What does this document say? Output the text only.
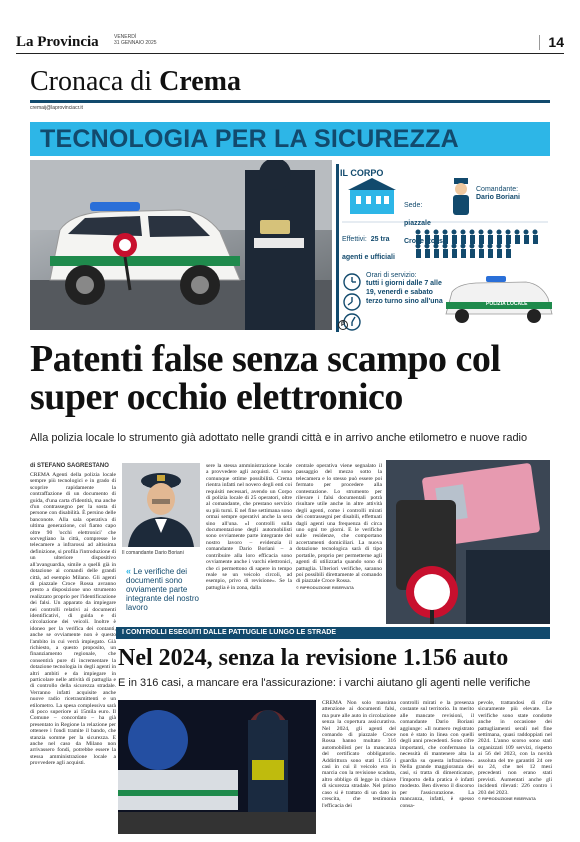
La Provincia	VENERDÌ
31 GENNAIO 2025	14
Cronaca di Crema
cremaij@laprovinciacr.it
TECNOLOGIA PER LA SICUREZZA
IL CORPO
Sede: piazzale Croce Rossa
Comandante:
Dario Boriani
Effettivi: 25 tra agenti e ufficiali
Orari di servizio:
tutti i giorni dalle 7 alle 19, venerdì e sabato terzo turno sino all'una	POLIZIA LOCALE
P
Patenti false senza scampo col super occhio elettronico
Alla polizia locale lo strumento già adottato nelle grandi città e in arrivo anche etilometro e nuove radio
di STEFANO SAGRESTANO
CREMA Agenti della polizia locale sempre più tecnologici e in grado di scoprire rapidamente la contraffazione di un documento di guida, d'una carta d'identità, ma anche d'un contrassegno per la sosta di persone con disabilità. È persino delle banconote. Alla sala operativa di ultima generazione, col fiamo capo oltre 90 'occhi elettronici' che sorvegliano la città, compresse le telecamere a infrarossi ad altissima definizione, si profila l'introduzione di un ulteriore dispositivo all'avanguardia, simile a quelli già in dotazione ai comandi delle grandi città, ad esempio Milano. Gli agenti di piazzale Croce Rossa avranno presto a disposizione uno strumento realizzato proprio per l'identificazione dei falsi. Un apparato da impiegare nei controlli relativi ai documenti identificativi, di guida e di circolazione dei veicoli. Inoltre è idoneo per la verifica dei contanti, anche se ovviamente non è questo l'ambito in cui verrà impiegato. Già richiesto, a questo proposito, un finanziamento regionale, che consentirà pure di incrementare la dotazione tecnologia in degli agenti in altri ambiti e da impiegare in particolare nelle attività di pattuglia e di controllo della sicurezza stradale. Verranno infatti acquisite anche nuove radio ricetrasmittenti e un etilometro. La spesa complessiva sarà di poco superiore ai 15mila euro. Il Comune – concordato – ha già presentato in Regione la relazione per ottenere i fondi tramite il bando, che stanzia somme per la sicurezza. E anche nel caso da Milano non arrivassero fondi, potrebbe essere la stessa amministrazione locale a provvedere agli acquisti.
Il comandante Dario Boriani
« Le verifiche dei documenti sono ovviamente parte integrante del nostro lavoro
sere la stessa amministrazione locale a provvedere agli acquisti. Ci sono comunque ottime possibilità. Crema rientra infatti nel novero degli enti coi requisiti necessari, avendo un Corpo di polizia locale di 25 operatori, oltre al comandante, che prestano servizio su più turni. E nel fine settimana sono ormai sempre operativi anche la sera sino all'una. «I controlli sulla documentazione degli automobilisti sono ovviamente parte integrante del nostro lavoro – evidenzia il comandante Dario Boriani – a contribuire alla loro efficacia sono ovviamente anche i varchi elettronici, che ci permettono di sapere in tempo reale se un veicolo circoli, ad esempio, privo di revisione». Se la pattuglia è in zona, dalla
centrale operativa viene segnalato il passaggio del mezzo sotto la telecamera e lo stesso può essere poi fermato per procedere alla contestazione. Lo strumento per rilevare i falsi documentali potrà risultare utile anche in altre attività degli agenti, come i controlli mirati dei contrassegni per disabili, effettuati dagli agenti una frequenza di circa uno ogni tre giorni. E le verifiche sulle residenze, che comportano accertamenti domiciliari. La nuova dotazione tecnologica sarà di tipo portatile, proprio per permetterne agli agenti di utilizzarla quando sono di pattuglia. Ulteriori verifiche, saranno poi possibili direttamente al comando di piazzale Croce Rossa.
© RIPRODUZIONE RISERVATA
I CONTROLLI ESEGUITI DALLE PATTUGLIE LUNGO LE STRADE
Nel 2024, senza la revisione 1.156 auto
E in 316 casi, a mancare era l'assicurazione: i varchi aiutano gli agenti nelle verifiche
CREMA Non solo massima attenzione ai documenti falsi, ma pure alle auto in circolazione senza la copertura assicurativa. Nel 2024, gli agenti del comando di piazzale Croce Rossa hanno multato 316 automobilisti per la mancanza del certificato obbligatorio. Addirittura sono stati 1.156 i casi in cui il veicolo era in marcia con la revisione scaduta, altro obbligo di legge in chiave di sicurezza stradale. Nel primo caso si è trattato di un dato in crescita, che testimonia l'efficacia dei
controlli mirati e la presenza costante sul territorio. In merito alle mancate revisioni, il comandante Dario Boriani aggiunge: «Il numero registrato non è stato in linea con quelli degli anni precedenti. Sono cifre importanti, che confermano la necessità di mantenere alta la guardia su questa infrazione». Nella grande maggioranza dei casi, si tratta di dimenticanze, l'importo della pratica è infatti modesto. Ben diverso il discorso per l'assicurazione. La mancanza, infatti, è spesso consa-
pevole, trattandosi di cifre sicuramente più elevate. Le verifiche sono state condotte anche in occasione dei pattugliamenti serali nel fine settimana, quasi raddoppiati nel 2024. L'anno scorso sono stati organizzati 109 servizi, rispetto ai 56 del 2023, con la novità assoluta del tre garantiti 24 ore su 24, che nei 12 mesi precedenti non erano stati previsti. Aumentati anche gli incidenti rilevati: 226 contro i 203 del 2023.
© RIPRODUZIONE RISERVATA
